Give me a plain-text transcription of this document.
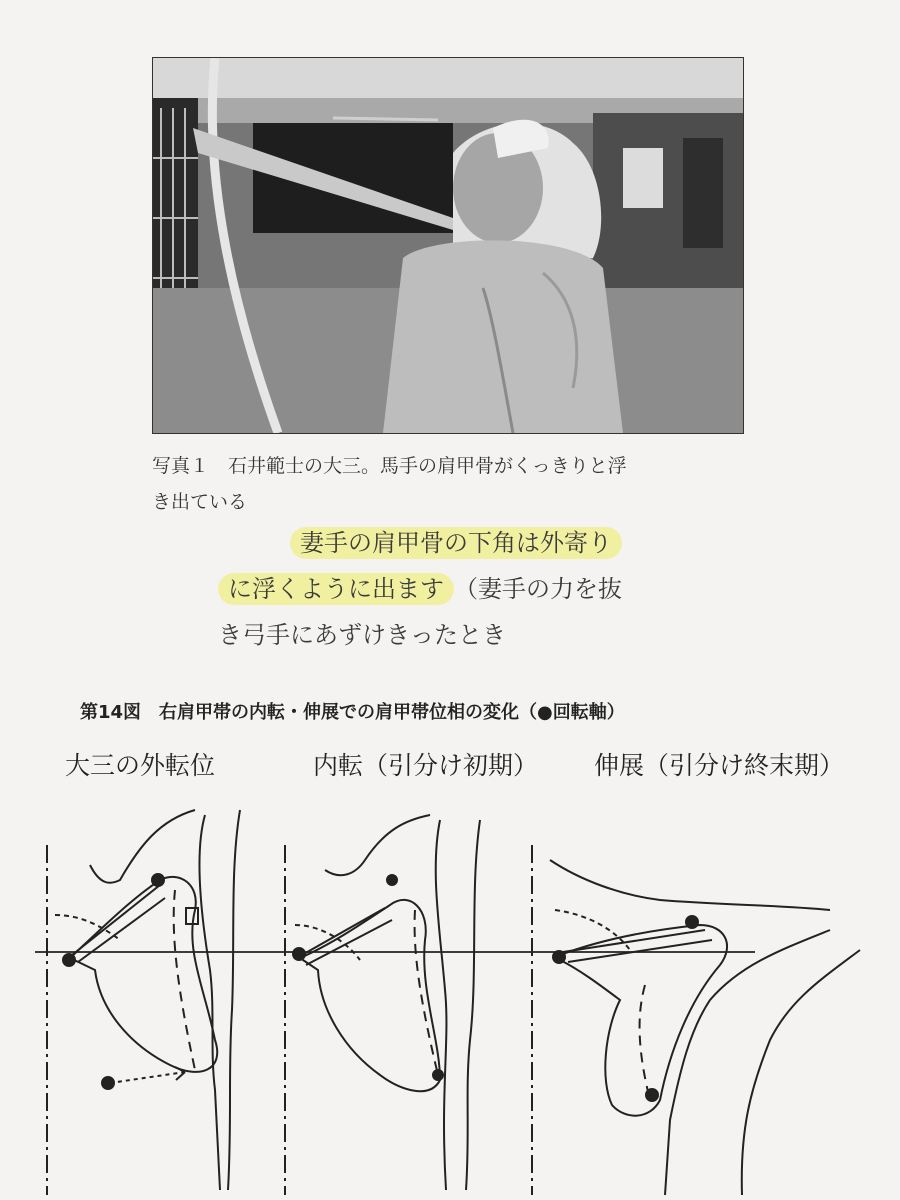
写真１　石井範士の大三。馬手の肩甲骨がくっきりと浮
き出ている
妻手の肩甲骨の下角は外寄り
に浮くように出ます （妻手の力を抜
き弓手にあずけきったとき
第14図　右肩甲帯の内転・伸展での肩甲帯位相の変化（●回転軸）
大三の外転位	内転（引分け初期） 伸展（引分け終末期）
